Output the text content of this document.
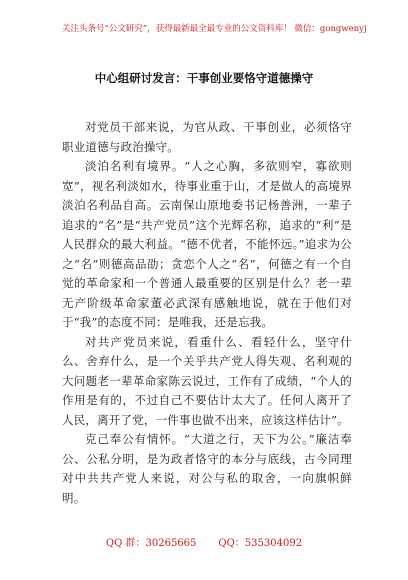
关注头条号“公文研究”，获得最新最全最专业的公文资料库！ 微信：gongwenyj
中心组研讨发言：干事创业要恪守道德操守

对党员干部来说，为官从政、干事创业，必须恪守职业道德与政治操守。

淡泊名利有境界。“人之心胸，多欲则窄，寡欲则宽”，视名利淡如水，待事业重于山，才是做人的高境界淡泊名利品自高。云南保山原地委书记杨善洲，一辈子追求的“名”是“共产党员”这个光辉名称，追求的“利”是人民群众的最大利益。“德不优者，不能怀远。”追求为公之“名”则德高品劭；贪恋个人之“名”，何德之有一个自觉的革命家和一个普通人最重要的区别是什么？老一辈无产阶级革命家董必武深有感触地说，就在于他们对于“我”的态度不同：是唯我，还是忘我。

对共产党员来说，看重什么、看轻什么，坚守什么、舍弃什么，是一个关乎共产党人得失观、名利观的大问题老一辈革命家陈云说过，工作有了成绩，“个人的作用是有的，不过自己不要估计太大了。任何人离开了人民，离开了党，一件事也做不出来，应该这样估计”。

克己奉公有情怀。“大道之行，天下为公。”廉洁奉公、公私分明，是为政者恪守的本分与底线，古今同理对中共共产党人来说，对公与私的取舍，一向旗帜鲜明。

QQ 群：30265665 QQ：535304092
